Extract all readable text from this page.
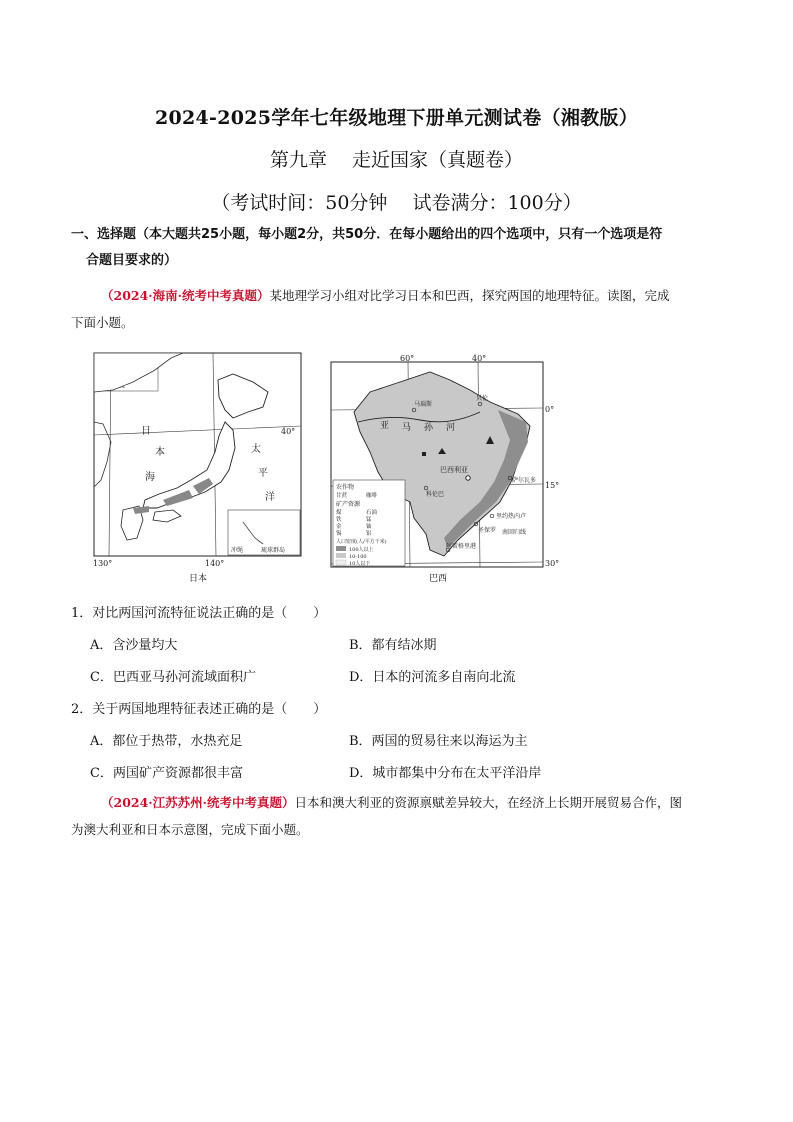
2024-2025学年七年级地理下册单元测试卷（湘教版）
第九章　 走近国家（真题卷）
（考试时间：50分钟　 试卷满分：100分）
一、选择题（本大题共25小题，每小题2分，共50分．在每小题给出的四个选项中，只有一个选项是符
合题目要求的）
（2024·海南·统考中考真题）某地理学习小组对比学习日本和巴西，探究两国的地理特征。读图，完成
下面小题。
日
本
海
太
平
洋
40°
冲绳	琉球群岛
130°	140°
日本
60°	40°
0°
15°
30°
亚 马 孙 河
马瑙斯
贝伦
巴西利亚
萨尔瓦多
里约热内卢
圣保罗
阿雷格里港
科伦巴
南回归线
农作物
甘蔗	咖啡
矿产资源
煤	石油
铁	锰
金	铀
锡	铝
人口密度(人/平方千米)
100人以上
10-100
10人以下
巴西
1．对比两国河流特征说法正确的是（　　）
A．含沙量均大	B．都有结冰期
C．巴西亚马孙河流域面积广	D．日本的河流多自南向北流
2．关于两国地理特征表述正确的是（　　）
A．都位于热带，水热充足	B．两国的贸易往来以海运为主
C．两国矿产资源都很丰富	D．城市都集中分布在太平洋沿岸
（2024·江苏苏州·统考中考真题）日本和澳大利亚的资源禀赋差异较大，在经济上长期开展贸易合作，图
为澳大利亚和日本示意图，完成下面小题。
